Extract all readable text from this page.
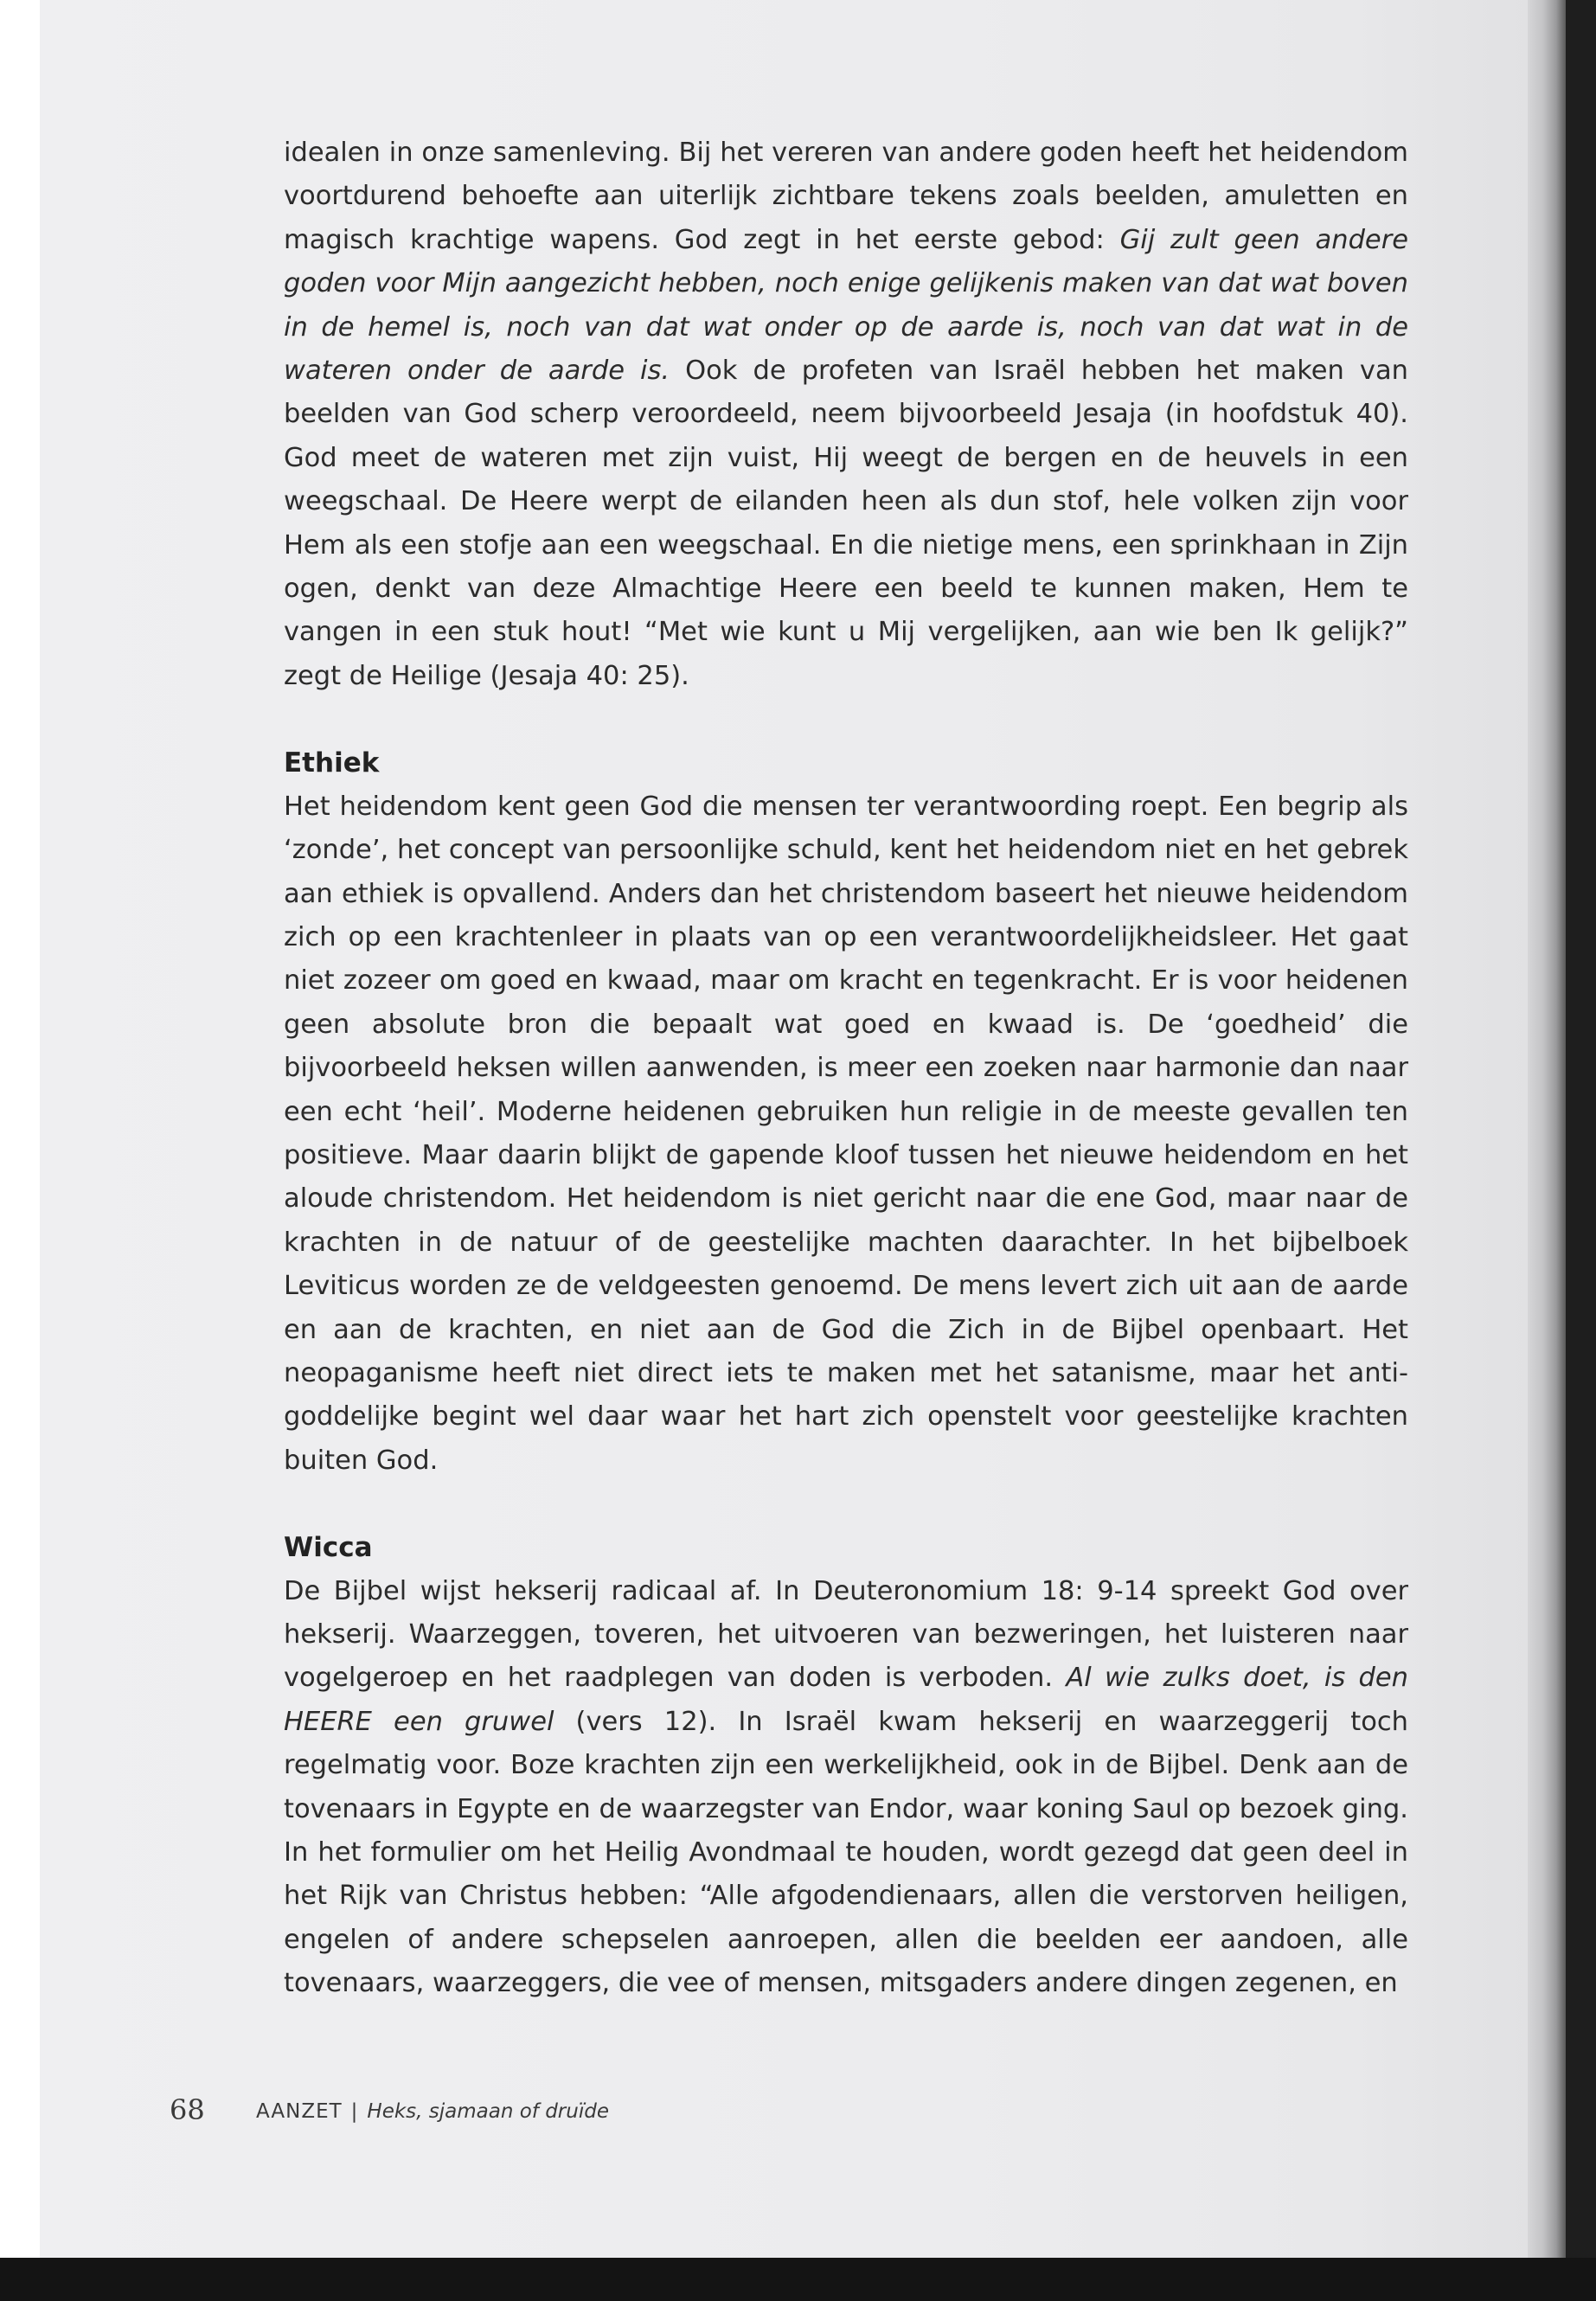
idealen in onze samenleving. Bij het vereren van andere goden heeft het heidendom voortdurend behoefte aan uiterlijk zichtbare tekens zoals beelden, amuletten en magisch krachtige wapens. God zegt in het eerste gebod: Gij zult geen andere goden voor Mijn aangezicht hebben, noch enige gelijkenis maken van dat wat boven in de hemel is, noch van dat wat onder op de aarde is, noch van dat wat in de wateren onder de aarde is. Ook de profeten van Israël hebben het maken van beelden van God scherp veroordeeld, neem bijvoorbeeld Jesaja (in hoofdstuk 40). God meet de wateren met zijn vuist, Hij weegt de bergen en de heuvels in een weegschaal. De Heere werpt de eilanden heen als dun stof, hele volken zijn voor Hem als een stofje aan een weegschaal. En die nietige mens, een sprinkhaan in Zijn ogen, denkt van deze Almachtige Heere een beeld te kunnen maken, Hem te vangen in een stuk hout! “Met wie kunt u Mij vergelijken, aan wie ben Ik gelijk?” zegt de Heilige (Jesaja 40: 25).

Ethiek

Het heidendom kent geen God die mensen ter verantwoording roept. Een begrip als ‘zonde’, het concept van persoonlijke schuld, kent het heidendom niet en het gebrek aan ethiek is opvallend. Anders dan het christendom baseert het nieuwe heidendom zich op een krachtenleer in plaats van op een verantwoordelijkheidsleer. Het gaat niet zozeer om goed en kwaad, maar om kracht en tegenkracht. Er is voor heidenen geen absolute bron die bepaalt wat goed en kwaad is. De ‘goedheid’ die bijvoorbeeld heksen willen aanwenden, is meer een zoeken naar harmonie dan naar een echt ‘heil’. Moderne heidenen gebruiken hun religie in de meeste gevallen ten positieve. Maar daarin blijkt de gapende kloof tussen het nieuwe heidendom en het aloude christendom. Het heidendom is niet gericht naar die ene God, maar naar de krachten in de natuur of de geestelijke machten daarachter. In het bijbelboek Leviticus worden ze de veldgeesten genoemd. De mens levert zich uit aan de aarde en aan de krachten, en niet aan de God die Zich in de Bijbel openbaart. Het neopaganisme heeft niet direct iets te maken met het satanisme, maar het anti-goddelijke begint wel daar waar het hart zich openstelt voor geestelijke krachten buiten God.

Wicca

De Bijbel wijst hekserij radicaal af. In Deuteronomium 18: 9-14 spreekt God over hekserij. Waarzeggen, toveren, het uitvoeren van bezweringen, het luisteren naar vogelgeroep en het raadplegen van doden is verboden. Al wie zulks doet, is den HEERE een gruwel (vers 12). In Israël kwam hekserij en waarzeggerij toch regelmatig voor. Boze krachten zijn een werkelijkheid, ook in de Bijbel. Denk aan de tovenaars in Egypte en de waarzegster van Endor, waar koning Saul op bezoek ging. In het formulier om het Heilig Avondmaal te houden, wordt gezegd dat geen deel in het Rijk van Christus hebben: “Alle afgodendienaars, allen die verstorven heiligen, engelen of andere schepselen aanroepen, allen die beelden eer aandoen, alle tovenaars, waarzeggers, die vee of mensen, mitsgaders andere dingen zegenen, en

68	AANZET | Heks, sjamaan of druïde
